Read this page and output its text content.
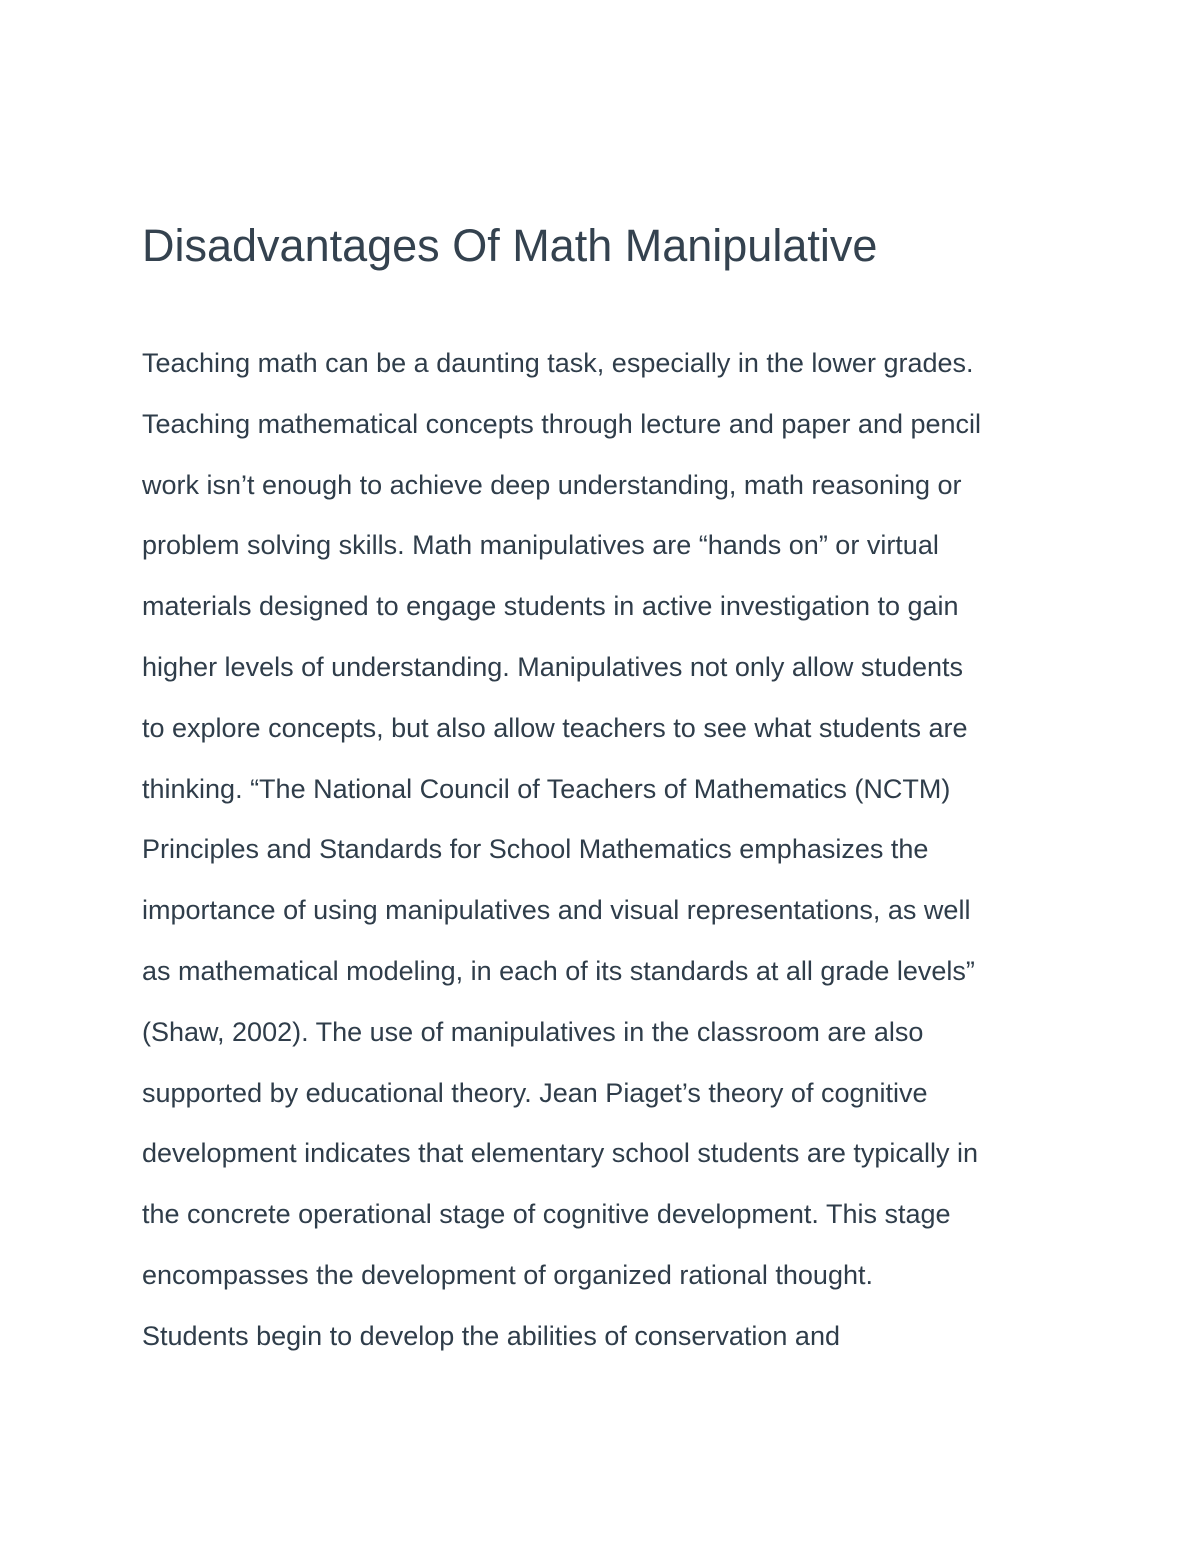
Disadvantages Of Math Manipulative
Teaching math can be a daunting task, especially in the lower grades.
Teaching mathematical concepts through lecture and paper and pencil
work isn’t enough to achieve deep understanding, math reasoning or
problem solving skills. Math manipulatives are “hands on” or virtual
materials designed to engage students in active investigation to gain
higher levels of understanding. Manipulatives not only allow students
to explore concepts, but also allow teachers to see what students are
thinking. “The National Council of Teachers of Mathematics (NCTM)
Principles and Standards for School Mathematics emphasizes the
importance of using manipulatives and visual representations, as well
as mathematical modeling, in each of its standards at all grade levels”
(Shaw, 2002). The use of manipulatives in the classroom are also
supported by educational theory. Jean Piaget’s theory of cognitive
development indicates that elementary school students are typically in
the concrete operational stage of cognitive development. This stage
encompasses the development of organized rational thought.
Students begin to develop the abilities of conservation and
